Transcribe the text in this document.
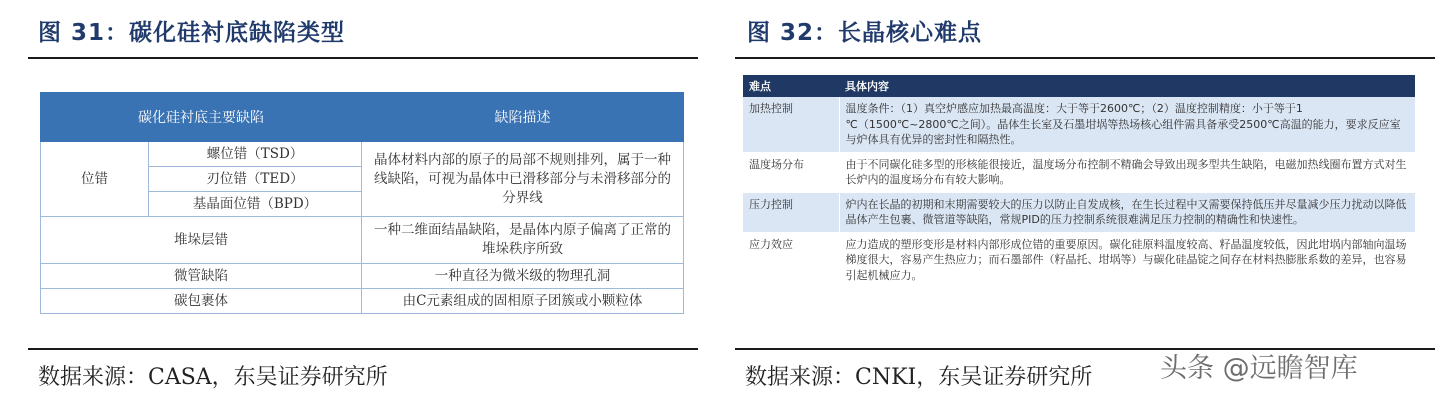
图 31：碳化硅衬底缺陷类型
碳化硅衬底主要缺陷		缺陷描述
位错	螺位错（TSD）	晶体材料内部的原子的局部不规则排列，属于一种线缺陷，可视为晶体中已滑移部分与未滑移部分的分界线
	刃位错（TED）	
	基晶面位错（BPD）	
堆垛层错		一种二维面结晶缺陷，是晶体内原子偏离了正常的堆垛秩序所致
微管缺陷		一种直径为微米级的物理孔洞
碳包裹体		由C元素组成的固相原子团簇或小颗粒体
数据来源：CASA，东吴证券研究所
图 32：长晶核心难点
难点	具体内容
加热控制	温度条件：（1）真空炉感应加热最高温度：大于等于2600℃；（2）温度控制精度：小于等于1 ℃（1500℃~2800℃之间）。晶体生长室及石墨坩埚等热场核心组件需具备承受2500℃高温的能力，要求反应室与炉体具有优异的密封性和隔热性。
温度场分布	由于不同碳化硅多型的形核能很接近，温度场分布控制不精确会导致出现多型共生缺陷，电磁加热线圈布置方式对生长炉内的温度场分布有较大影响。
压力控制	炉内在长晶的初期和末期需要较大的压力以防止自发成核，在生长过程中又需要保持低压并尽量减少压力扰动以降低晶体产生包裹、微管道等缺陷，常规PID的压力控制系统很难满足压力控制的精确性和快速性。
应力效应	应力造成的塑形变形是材料内部形成位错的重要原因。碳化硅原料温度较高、籽晶温度较低，因此坩埚内部轴向温场梯度很大，容易产生热应力；而石墨部件（籽晶托、坩埚等）与碳化硅晶锭之间存在材料热膨胀系数的差异，也容易引起机械应力。
数据来源：CNKI，东吴证券研究所	头条 @远瞻智库
